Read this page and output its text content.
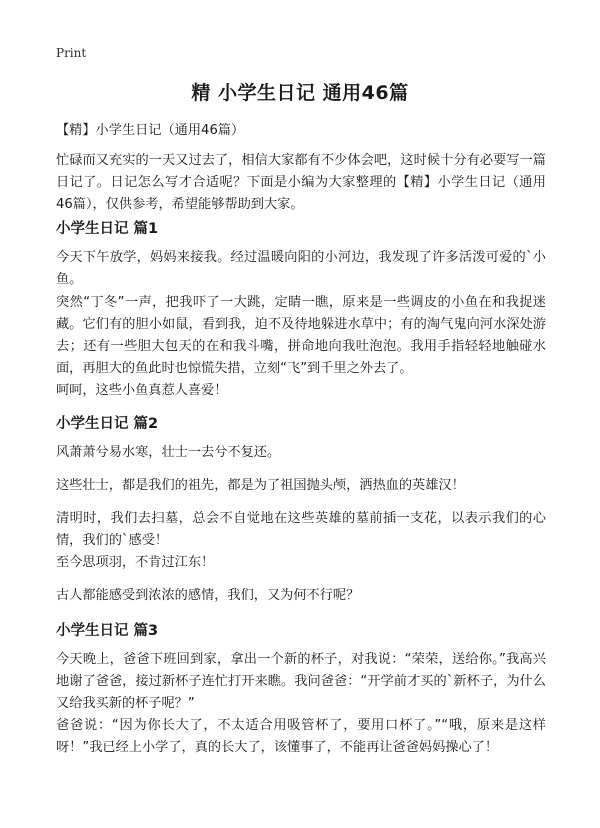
Print
精 小学生日记 通用46篇
【精】小学生日记（通用46篇）
忙碌而又充实的一天又过去了，相信大家都有不少体会吧，这时候十分有必要写一篇日记了。日记怎么写才合适呢？下面是小编为大家整理的【精】小学生日记（通用46篇），仅供参考，希望能够帮助到大家。
小学生日记 篇1
今天下午放学，妈妈来接我。经过温暖向阳的小河边，我发现了许多活泼可爱的`小鱼。
突然“丁冬”一声，把我吓了一大跳，定睛一瞧，原来是一些调皮的小鱼在和我捉迷藏。它们有的胆小如鼠，看到我，迫不及待地躲进水草中；有的淘气鬼向河水深处游去；还有一些胆大包天的在和我斗嘴，拼命地向我吐泡泡。我用手指轻轻地触碰水面，再胆大的鱼此时也惊慌失措，立刻“飞”到千里之外去了。
呵呵，这些小鱼真惹人喜爱！
小学生日记 篇2
风萧萧兮易水寒，壮士一去兮不复还。
这些壮士，都是我们的祖先，都是为了祖国抛头颅，洒热血的英雄汉！
清明时，我们去扫墓，总会不自觉地在这些英雄的墓前插一支花，以表示我们的心情，我们的`感受！
至今思项羽，不肯过江东！
古人都能感受到浓浓的感情，我们，又为何不行呢？
小学生日记 篇3
今天晚上，爸爸下班回到家，拿出一个新的杯子，对我说：“荣荣，送给你。”我高兴地谢了爸爸，接过新杯子连忙打开来瞧。我问爸爸：“开学前才买的`新杯子，为什么又给我买新的杯子呢？”
爸爸说：“因为你长大了，不太适合用吸管杯了，要用口杯了。”“哦，原来是这样呀！”我已经上小学了，真的长大了，该懂事了，不能再让爸爸妈妈操心了！
